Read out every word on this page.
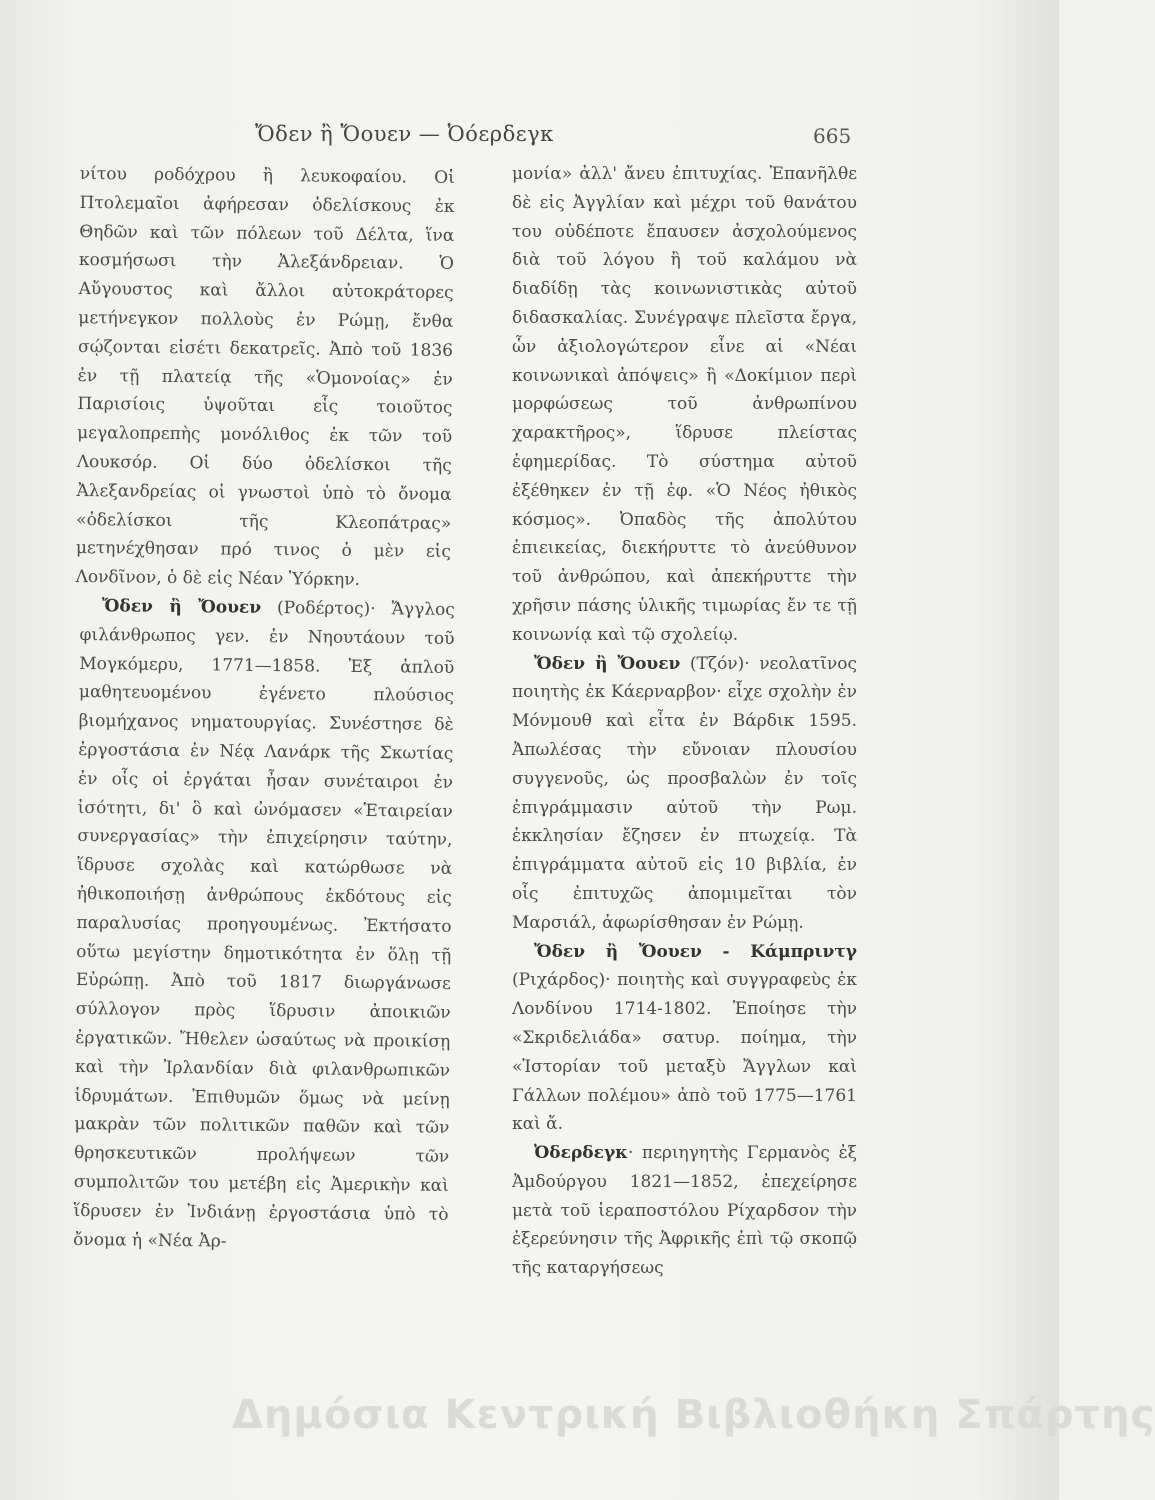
Ὄδεν ἢ Ὄουεν — Ὀόερδεγκ	665

νίτου ροδόχρου ἢ λευκοφαίου. Οἱ Πτολεμαῖοι ἀφήρεσαν ὀδελίσκους ἐκ Θηδῶν καὶ τῶν πόλεων τοῦ Δέλτα, ἵνα κοσμήσωσι τὴν Ἀλεξάνδρειαν. Ὁ Αὔγουστος καὶ ἄλλοι αὐτοκράτορες μετήνεγκον πολλοὺς ἐν Ρώμῃ, ἔνθα σῴζονται εἰσέτι δεκατρεῖς. Ἀπὸ τοῦ 1836 ἐν τῇ πλατείᾳ τῆς «Ὁμονοίας» ἐν Παρισίοις ὑψοῦται εἷς τοιοῦτος μεγαλοπρεπὴς μονόλιθος ἐκ τῶν τοῦ Λουκσόρ. Οἱ δύο ὀδελίσκοι τῆς Ἀλεξανδρείας οἱ γνωστοὶ ὑπὸ τὸ ὄνομα «ὀδελίσκοι τῆς Κλεοπάτρας» μετηνέχθησαν πρό τινος ὁ μὲν εἰς Λονδῖνον, ὁ δὲ εἰς Νέαν Ὑόρκην.

Ὄδεν ἢ Ὄουεν (Ροδέρτος)· Ἄγγλος φιλάνθρωπος γεν. ἐν Νηουτάουν τοῦ Μογκόμερυ, 1771—1858. Ἐξ ἁπλοῦ μαθητευομένου ἐγένετο πλούσιος βιομήχανος νηματουργίας. Συνέστησε δὲ ἐργοστάσια ἐν Νέᾳ Λανάρκ τῆς Σκωτίας ἐν οἷς οἱ ἐργάται ἦσαν συνέταιροι ἐν ἰσότητι, δι' ὃ καὶ ὠνόμασεν «Ἑταιρείαν συνεργασίας» τὴν ἐπιχείρησιν ταύτην, ἵδρυσε σχολὰς καὶ κατώρθωσε νὰ ἠθικοποιήσῃ ἀνθρώπους ἐκδότους εἰς παραλυσίας προηγουμένως. Ἐκτήσατο οὕτω μεγίστην δημοτικότητα ἐν ὅλῃ τῇ Εὐρώπῃ. Ἀπὸ τοῦ 1817 διωργάνωσε σύλλογον πρὸς ἵδρυσιν ἀποικιῶν ἐργατικῶν. Ἤθελεν ὡσαύτως νὰ προικίσῃ καὶ τὴν Ἰρλανδίαν διὰ φιλανθρωπικῶν ἱδρυμάτων. Ἐπιθυμῶν ὅμως νὰ μείνῃ μακρὰν τῶν πολιτικῶν παθῶν καὶ τῶν θρησκευτικῶν προλήψεων τῶν συμπολιτῶν του μετέβη εἰς Ἀμερικὴν καὶ ἵδρυσεν ἐν Ἰνδιάνῃ ἐργοστάσια ὑπὸ τὸ ὄνομα ἡ «Νέα Ἀρ-

μονία» ἀλλ' ἄνευ ἐπιτυχίας. Ἐπανῆλθε δὲ εἰς Ἀγγλίαν καὶ μέχρι τοῦ θανάτου του οὐδέποτε ἔπαυσεν ἀσχολούμενος διὰ τοῦ λόγου ἢ τοῦ καλάμου νὰ διαδίδῃ τὰς κοινωνιστικὰς αὐτοῦ διδασκαλίας. Συνέγραψε πλεῖστα ἔργα, ὧν ἀξιολογώτερον εἶνε αἱ «Νέαι κοινωνικαὶ ἀπόψεις» ἢ «Δοκίμιον περὶ μορφώσεως τοῦ ἀνθρωπίνου χαρακτῆρος», ἵδρυσε πλείστας ἐφημερίδας. Τὸ σύστημα αὐτοῦ ἐξέθηκεν ἐν τῇ ἐφ. «Ὁ Νέος ἠθικὸς κόσμος». Ὀπαδὸς τῆς ἀπολύτου ἐπιεικείας, διεκήρυττε τὸ ἀνεύθυνον τοῦ ἀνθρώπου, καὶ ἀπεκήρυττε τὴν χρῆσιν πάσης ὑλικῆς τιμωρίας ἔν τε τῇ κοινωνίᾳ καὶ τῷ σχολείῳ.

Ὄδεν ἢ Ὄουεν (Τζόν)· νεολατῖνος ποιητὴς ἐκ Κάερναρβον· εἶχε σχολὴν ἐν Μόνμουθ καὶ εἶτα ἐν Βάρδικ 1595. Ἀπωλέσας τὴν εὔνοιαν πλουσίου συγγενοῦς, ὡς προσβαλὼν ἐν τοῖς ἐπιγράμμασιν αὐτοῦ τὴν Ρωμ. ἐκκλησίαν ἔζησεν ἐν πτωχείᾳ. Τὰ ἐπιγράμματα αὐτοῦ εἰς 10 βιβλία, ἐν οἷς ἐπιτυχῶς ἀπομιμεῖται τὸν Μαρσιάλ, ἀφωρίσθησαν ἐν Ρώμῃ.

Ὄδεν ἢ Ὄουεν - Κάμπριντγ (Ριχάρδος)· ποιητὴς καὶ συγγραφεὺς ἐκ Λονδίνου 1714-1802. Ἐποίησε τὴν «Σκριδελιάδα» σατυρ. ποίημα, τὴν «Ἱστορίαν τοῦ μεταξὺ Ἄγγλων καὶ Γάλλων πολέμου» ἀπὸ τοῦ 1775—1761 καὶ ἄ.

Ὀδερδεγκ· περιηγητὴς Γερμανὸς ἐξ Ἀμδούργου 1821—1852, ἐπεχείρησε μετὰ τοῦ ἱεραποστόλου Ρίχαρδσον τὴν ἐξερεύνησιν τῆς Ἀφρικῆς ἐπὶ τῷ σκοπῷ τῆς καταργήσεως

Δημόσια Κεντρική Βιβλιοθήκη Σπάρτης
